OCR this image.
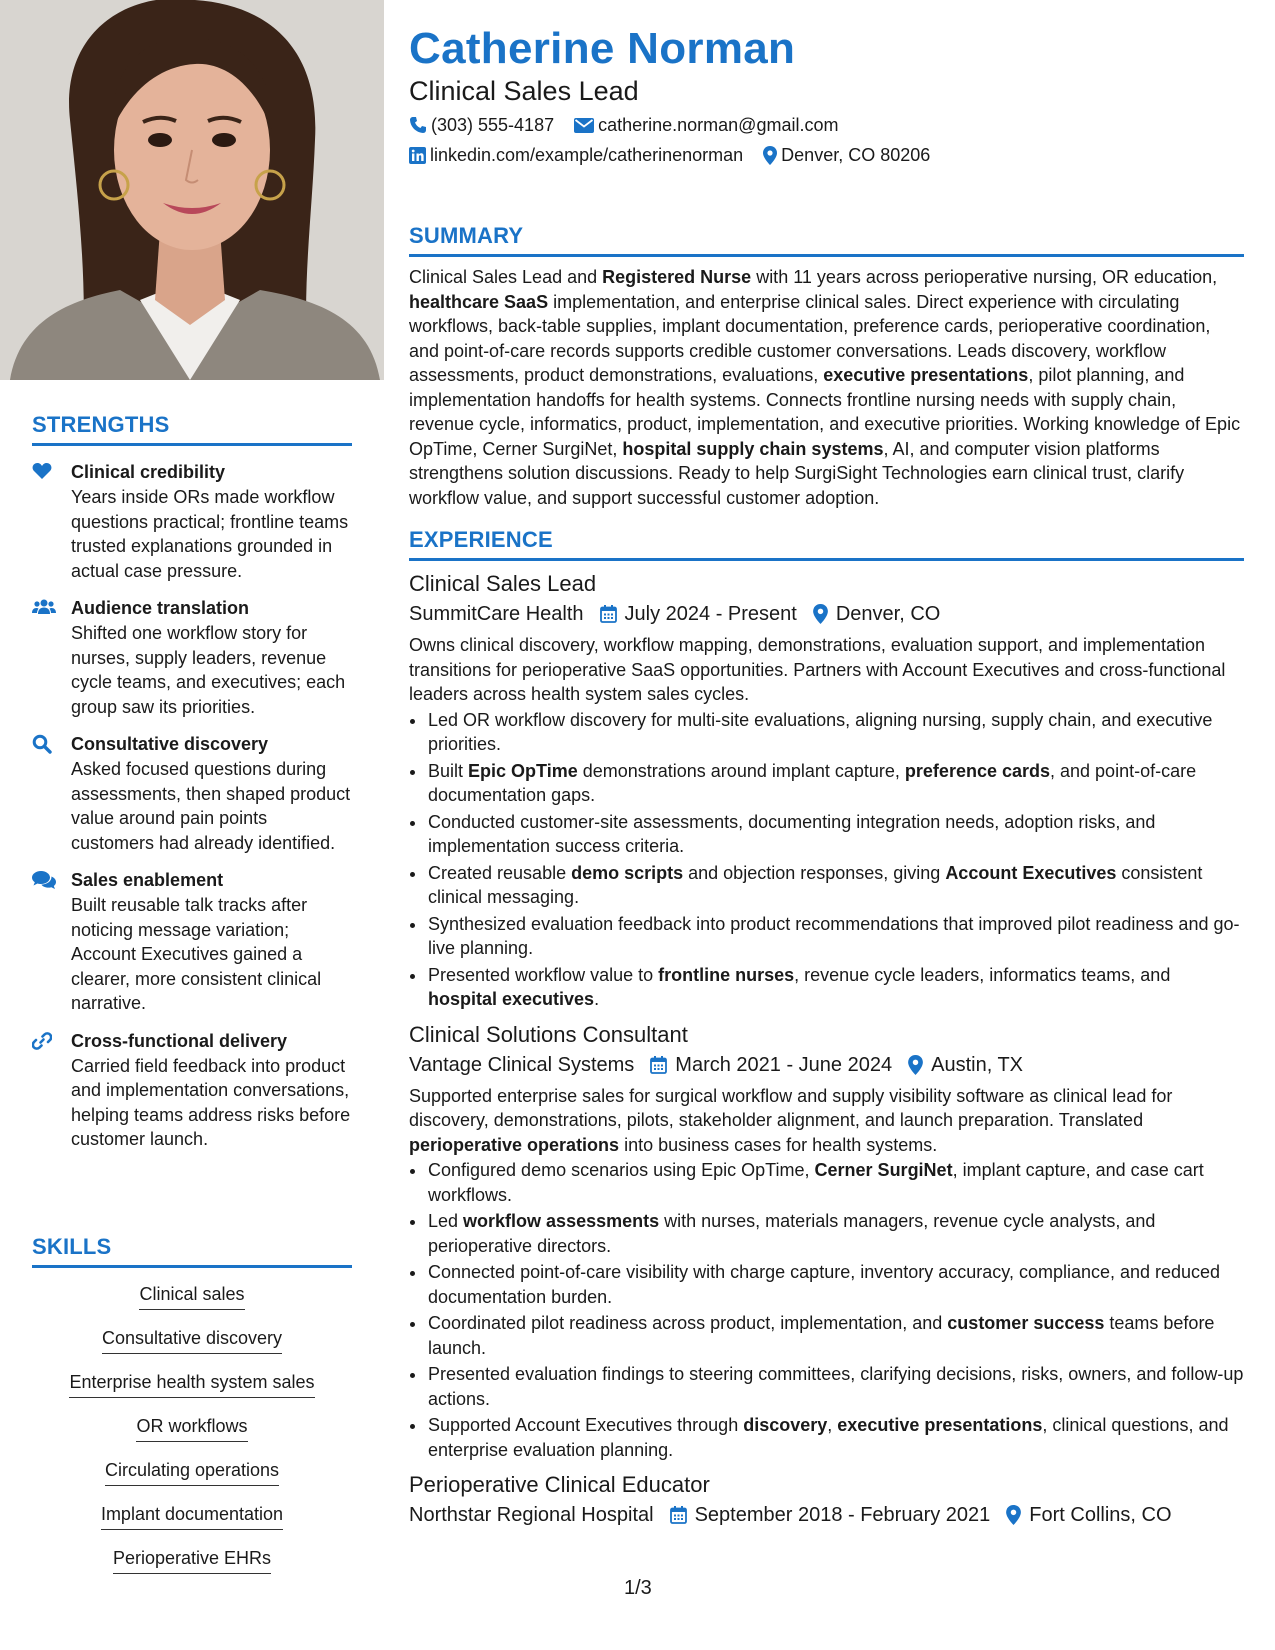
STRENGTHS
Clinical credibility
Years inside ORs made workflow questions practical; frontline teams trusted explanations grounded in actual case pressure.
Audience translation
Shifted one workflow story for nurses, supply leaders, revenue cycle teams, and executives; each group saw its priorities.
Consultative discovery
Asked focused questions during assessments, then shaped product value around pain points customers had already identified.
Sales enablement
Built reusable talk tracks after noticing message variation; Account Executives gained a clearer, more consistent clinical narrative.
Cross-functional delivery
Carried field feedback into product and implementation conversations, helping teams address risks before customer launch.
SKILLS
Clinical sales
Consultative discovery
Enterprise health system sales
OR workflows
Circulating operations
Implant documentation
Perioperative EHRs
Catherine Norman
Clinical Sales Lead
(303) 555-4187 catherine.norman@gmail.com
linkedin.com/example/catherinenorman Denver, CO 80206
SUMMARY
Clinical Sales Lead and Registered Nurse with 11 years across perioperative nursing, OR education, healthcare SaaS implementation, and enterprise clinical sales. Direct experience with circulating workflows, back-table supplies, implant documentation, preference cards, perioperative coordination, and point-of-care records supports credible customer conversations. Leads discovery, workflow assessments, product demonstrations, evaluations, executive presentations, pilot planning, and implementation handoffs for health systems. Connects frontline nursing needs with supply chain, revenue cycle, informatics, product, implementation, and executive priorities. Working knowledge of Epic OpTime, Cerner SurgiNet, hospital supply chain systems, AI, and computer vision platforms strengthens solution discussions. Ready to help SurgiSight Technologies earn clinical trust, clarify workflow value, and support successful customer adoption.
EXPERIENCE
Clinical Sales Lead
SummitCare Health July 2024 - Present Denver, CO
Owns clinical discovery, workflow mapping, demonstrations, evaluation support, and implementation transitions for perioperative SaaS opportunities. Partners with Account Executives and cross-functional leaders across health system sales cycles.
• Led OR workflow discovery for multi-site evaluations, aligning nursing, supply chain, and executive priorities.
• Built Epic OpTime demonstrations around implant capture, preference cards, and point-of-care documentation gaps.
• Conducted customer-site assessments, documenting integration needs, adoption risks, and implementation success criteria.
• Created reusable demo scripts and objection responses, giving Account Executives consistent clinical messaging.
• Synthesized evaluation feedback into product recommendations that improved pilot readiness and go-live planning.
• Presented workflow value to frontline nurses, revenue cycle leaders, informatics teams, and hospital executives.
Clinical Solutions Consultant
Vantage Clinical Systems March 2021 - June 2024 Austin, TX
Supported enterprise sales for surgical workflow and supply visibility software as clinical lead for discovery, demonstrations, pilots, stakeholder alignment, and launch preparation. Translated perioperative operations into business cases for health systems.
• Configured demo scenarios using Epic OpTime, Cerner SurgiNet, implant capture, and case cart workflows.
• Led workflow assessments with nurses, materials managers, revenue cycle analysts, and perioperative directors.
• Connected point-of-care visibility with charge capture, inventory accuracy, compliance, and reduced documentation burden.
• Coordinated pilot readiness across product, implementation, and customer success teams before launch.
• Presented evaluation findings to steering committees, clarifying decisions, risks, owners, and follow-up actions.
• Supported Account Executives through discovery, executive presentations, clinical questions, and enterprise evaluation planning.
Perioperative Clinical Educator
Northstar Regional Hospital September 2018 - February 2021 Fort Collins, CO
1/3
